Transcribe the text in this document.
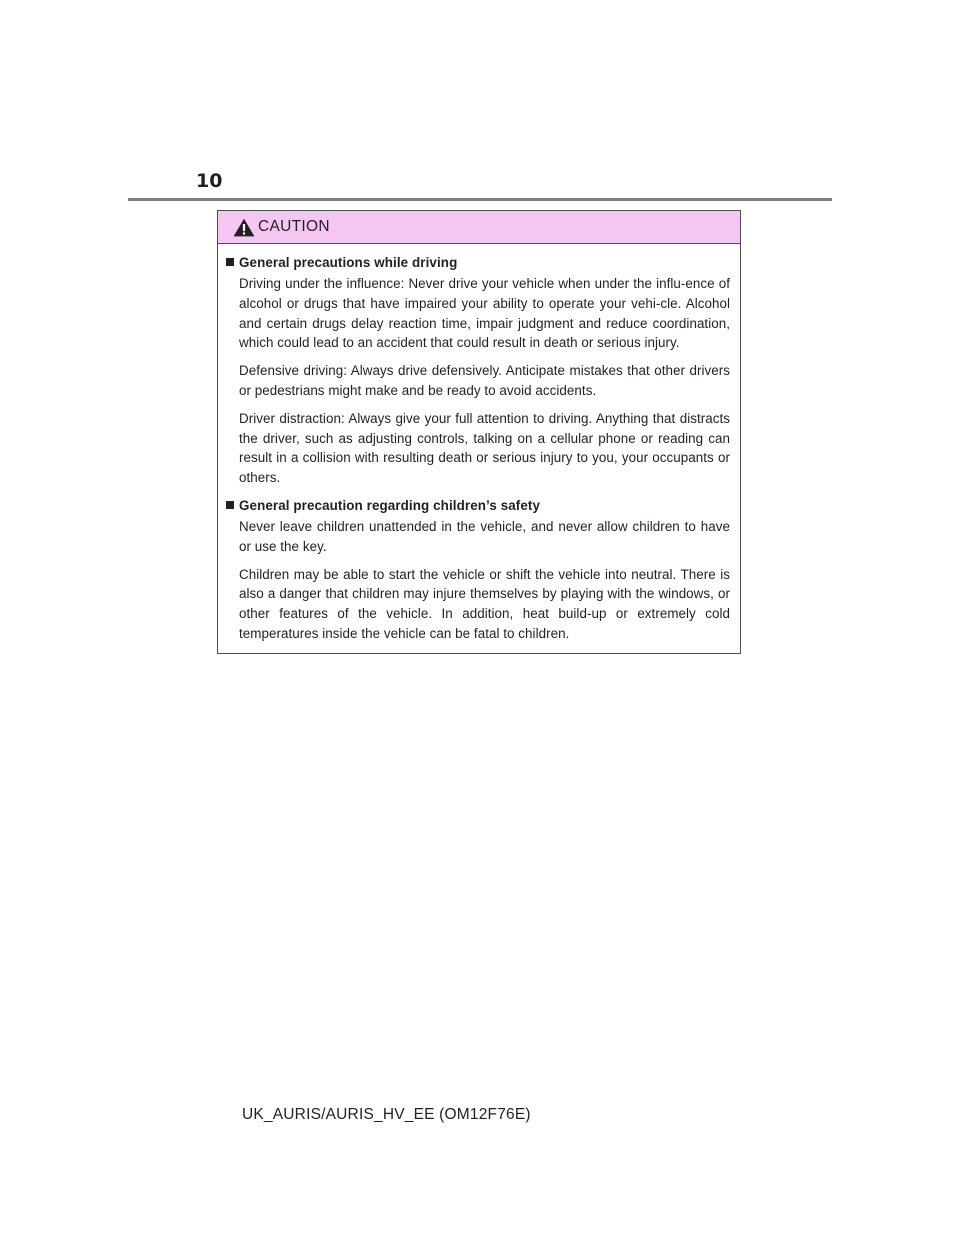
10
CAUTION
General precautions while driving

Driving under the influence: Never drive your vehicle when under the influ-ence of alcohol or drugs that have impaired your ability to operate your vehi-cle. Alcohol and certain drugs delay reaction time, impair judgment and reduce coordination, which could lead to an accident that could result in death or serious injury.

Defensive driving: Always drive defensively. Anticipate mistakes that other drivers or pedestrians might make and be ready to avoid accidents.

Driver distraction: Always give your full attention to driving. Anything that distracts the driver, such as adjusting controls, talking on a cellular phone or reading can result in a collision with resulting death or serious injury to you, your occupants or others.

General precaution regarding children’s safety

Never leave children unattended in the vehicle, and never allow children to have or use the key.

Children may be able to start the vehicle or shift the vehicle into neutral. There is also a danger that children may injure themselves by playing with the windows, or other features of the vehicle. In addition, heat build-up or extremely cold temperatures inside the vehicle can be fatal to children.

UK_AURIS/AURIS_HV_EE (OM12F76E)
